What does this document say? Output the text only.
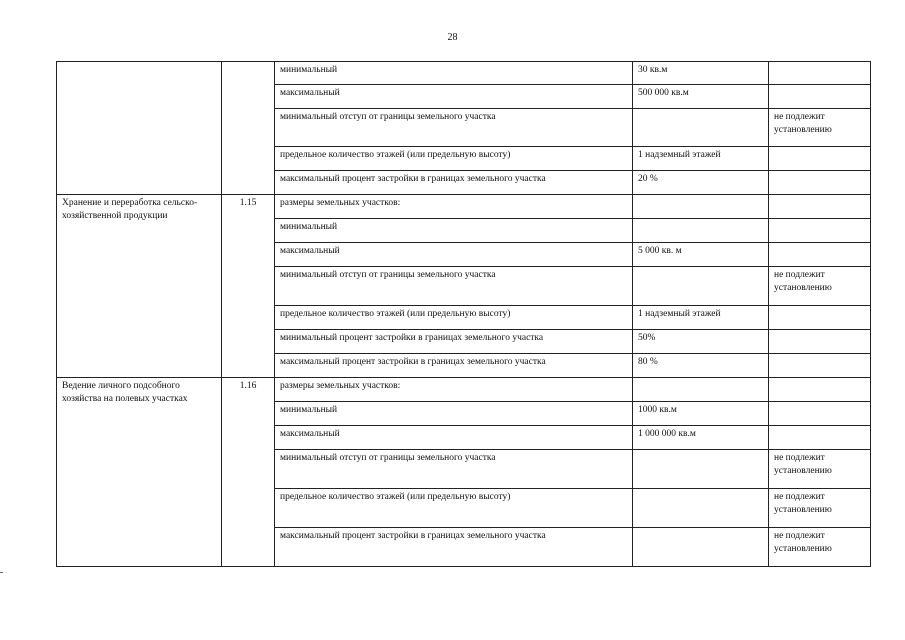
28
		минимальный	30 кв.м	
		максимальный	500 000 кв.м	
		минимальный отступ от границы земельного участка		не подлежит установлению
		предельное количество этажей (или предельную высоту)	1 надземный этажей	
		максимальный процент застройки в границах земельного участка	20 %	
Хранение и переработка сельско-хозяйственной продукции	1.15	размеры земельных участков:		
		минимальный		
		максимальный	5 000 кв. м	
		минимальный отступ от границы земельного участка		не подлежит установлению
		предельное количество этажей (или предельную высоту)	1 надземный этажей	
		минимальный процент застройки в границах земельного участка	50%	
		максимальный процент застройки в границах земельного участка	80 %	
Ведение личного подсобного хозяйства на полевых участках	1.16	размеры земельных участков:		
		минимальный	1000 кв.м	
		максимальный	1 000 000 кв.м	
		минимальный отступ от границы земельного участка		не подлежит установлению
		предельное количество этажей (или предельную высоту)		не подлежит установлению
		максимальный процент застройки в границах земельного участка		не подлежит установлению
